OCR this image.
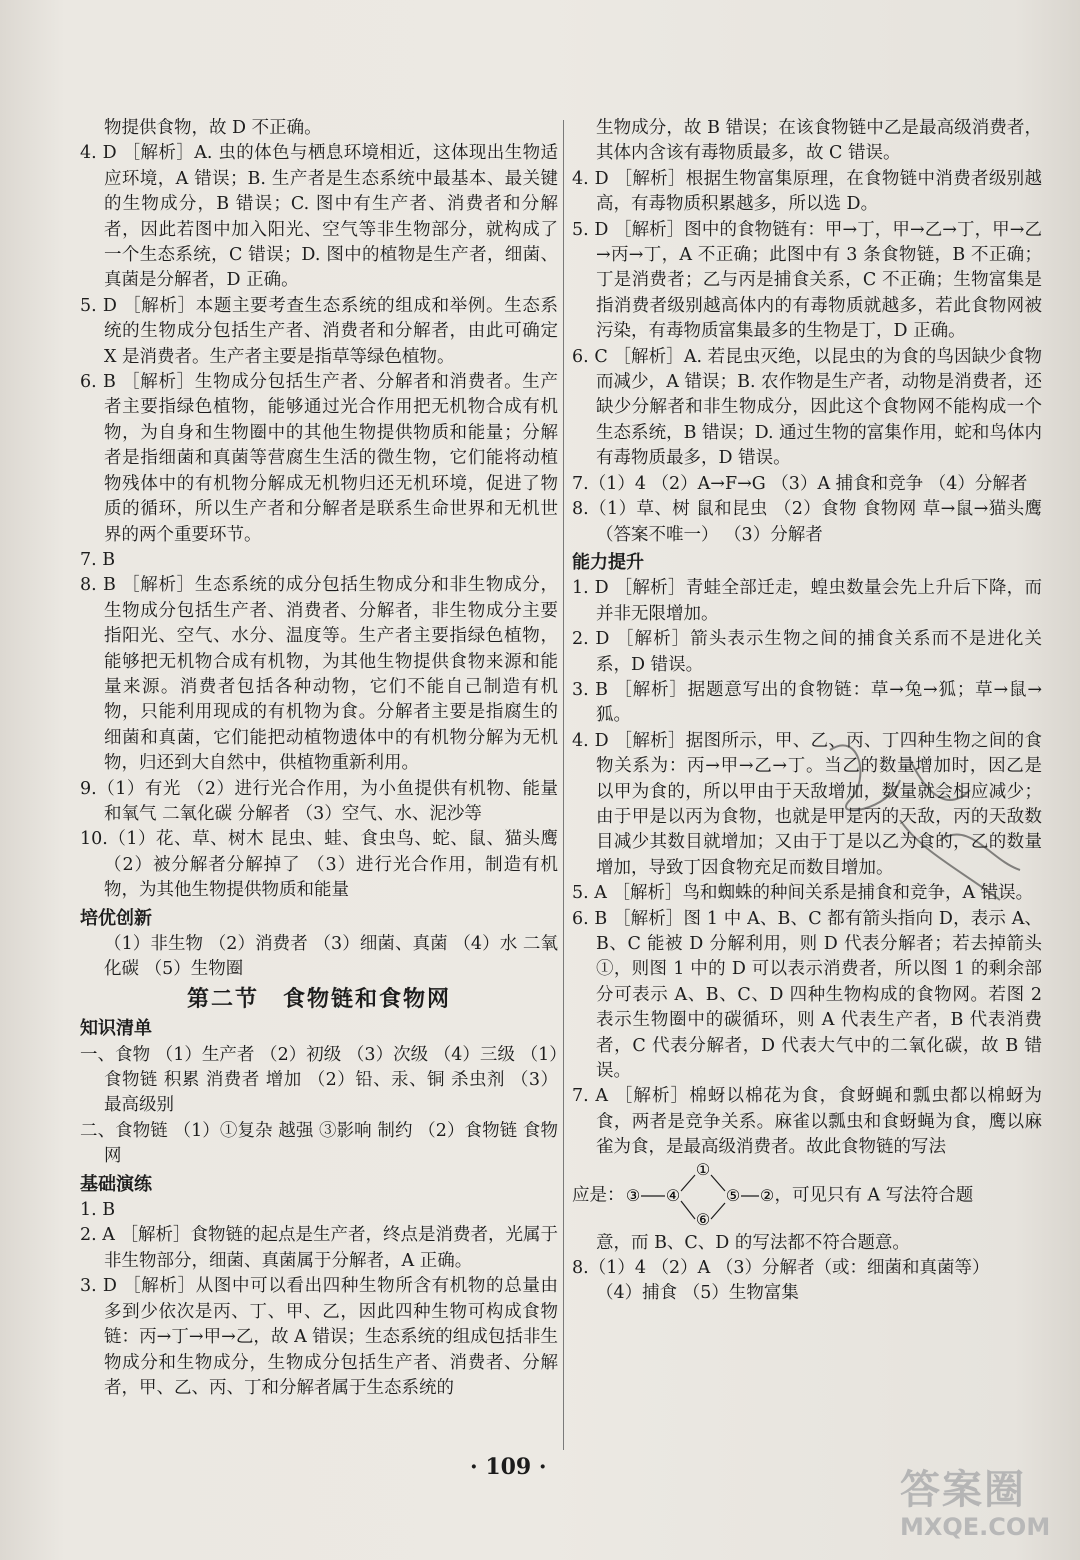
物提供食物，故 D 不正确。

4. D ［解析］A. 虫的体色与栖息环境相近，这体现出生物适应环境，A 错误；B. 生产者是生态系统中最基本、最关键的生物成分，B 错误；C. 图中有生产者、消费者和分解者，因此若图中加入阳光、空气等非生物部分，就构成了一个生态系统，C 错误；D. 图中的植物是生产者，细菌、真菌是分解者，D 正确。

5. D ［解析］本题主要考查生态系统的组成和举例。生态系统的生物成分包括生产者、消费者和分解者，由此可确定 X 是消费者。生产者主要是指草等绿色植物。

6. B ［解析］生物成分包括生产者、分解者和消费者。生产者主要指绿色植物，能够通过光合作用把无机物合成有机物，为自身和生物圈中的其他生物提供物质和能量；分解者是指细菌和真菌等营腐生生活的微生物，它们能将动植物残体中的有机物分解成无机物归还无机环境，促进了物质的循环，所以生产者和分解者是联系生命世界和无机世界的两个重要环节。

7. B

8. B ［解析］生态系统的成分包括生物成分和非生物成分，生物成分包括生产者、消费者、分解者，非生物成分主要指阳光、空气、水分、温度等。生产者主要指绿色植物，能够把无机物合成有机物，为其他生物提供食物来源和能量来源。消费者包括各种动物，它们不能自己制造有机物，只能利用现成的有机物为食。分解者主要是指腐生的细菌和真菌，它们能把动植物遗体中的有机物分解为无机物，归还到大自然中，供植物重新利用。

9.（1）有光 （2）进行光合作用，为小鱼提供有机物、能量和氧气 二氧化碳 分解者 （3）空气、水、泥沙等

10.（1）花、草、树木 昆虫、蛙、食虫鸟、蛇、鼠、猫头鹰 （2）被分解者分解掉了 （3）进行光合作用，制造有机物，为其他生物提供物质和能量

培优创新

（1）非生物 （2）消费者 （3）细菌、真菌 （4）水 二氧化碳 （5）生物圈

第二节　食物链和食物网
知识清单

一、食物 （1）生产者 （2）初级 （3）次级 （4）三级 （1）食物链 积累 消费者 增加 （2）铅、汞、铜 杀虫剂 （3）最高级别

二、食物链 （1）①复杂 越强 ③影响 制约 （2）食物链 食物网

基础演练

1. B

2. A ［解析］食物链的起点是生产者，终点是消费者，光属于非生物部分，细菌、真菌属于分解者，A 正确。

3. D ［解析］从图中可以看出四种生物所含有机物的总量由多到少依次是丙、丁、甲、乙，因此四种生物可构成食物链：丙→丁→甲→乙，故 A 错误；生态系统的组成包括非生物成分和生物成分，生物成分包括生产者、消费者、分解者，甲、乙、丙、丁和分解者属于生态系统的

生物成分，故 B 错误；在该食物链中乙是最高级消费者，其体内含该有毒物质最多，故 C 错误。

4. D ［解析］根据生物富集原理，在食物链中消费者级别越高，有毒物质积累越多，所以选 D。

5. D ［解析］图中的食物链有：甲→丁，甲→乙→丁，甲→乙→丙→丁，A 不正确；此图中有 3 条食物链，B 不正确；丁是消费者；乙与丙是捕食关系，C 不正确；生物富集是指消费者级别越高体内的有毒物质就越多，若此食物网被污染，有毒物质富集最多的生物是丁，D 正确。

6. C ［解析］A. 若昆虫灭绝，以昆虫的为食的鸟因缺少食物而减少，A 错误；B. 农作物是生产者，动物是消费者，还缺少分解者和非生物成分，因此这个食物网不能构成一个生态系统，B 错误；D. 通过生物的富集作用，蛇和鸟体内有毒物质最多，D 错误。

7.（1）4 （2）A→F→G （3）A 捕食和竞争 （4）分解者

8.（1）草、树 鼠和昆虫 （2）食物 食物网 草→鼠→猫头鹰（答案不唯一） （3）分解者

能力提升

1. D ［解析］青蛙全部迁走，蝗虫数量会先上升后下降，而并非无限增加。

2. D ［解析］箭头表示生物之间的捕食关系而不是进化关系，D 错误。

3. B ［解析］据题意写出的食物链：草→兔→狐；草→鼠→狐。

4. D ［解析］据图所示，甲、乙、丙、丁四种生物之间的食物关系为：丙→甲→乙→丁。当乙的数量增加时，因乙是以甲为食的，所以甲由于天敌增加，数量就会相应减少；由于甲是以丙为食物，也就是甲是丙的天敌，丙的天敌数目减少其数目就增加；又由于丁是以乙为食的，乙的数量增加，导致丁因食物充足而数目增加。

5. A ［解析］鸟和蜘蛛的种间关系是捕食和竞争，A 错误。

6. B ［解析］图 1 中 A、B、C 都有箭头指向 D，表示 A、B、C 能被 D 分解利用，则 D 代表分解者；若去掉箭头①，则图 1 中的 D 可以表示消费者，所以图 1 的剩余部分可表示 A、B、C、D 四种生物构成的食物网。若图 2 表示生物圈中的碳循环，则 A 代表生产者，B 代表消费者，C 代表分解者，D 代表大气中的二氧化碳，故 B 错误。

7. A ［解析］棉蚜以棉花为食，食蚜蝇和瓢虫都以棉蚜为食，两者是竞争关系。麻雀以瓢虫和食蚜蝇为食，鹰以麻雀为食，是最高级消费者。故此食物链的写法

应是： ③ ④
①
⑥
⑤ ② ，可见只有 A 写法符合题

意，而 B、C、D 的写法都不符合题意。

8.（1）4 （2）A （3）分解者（或：细菌和真菌等）

（4）捕食 （5）生物富集

· 109 ·	答案圈
MXQE.COM
